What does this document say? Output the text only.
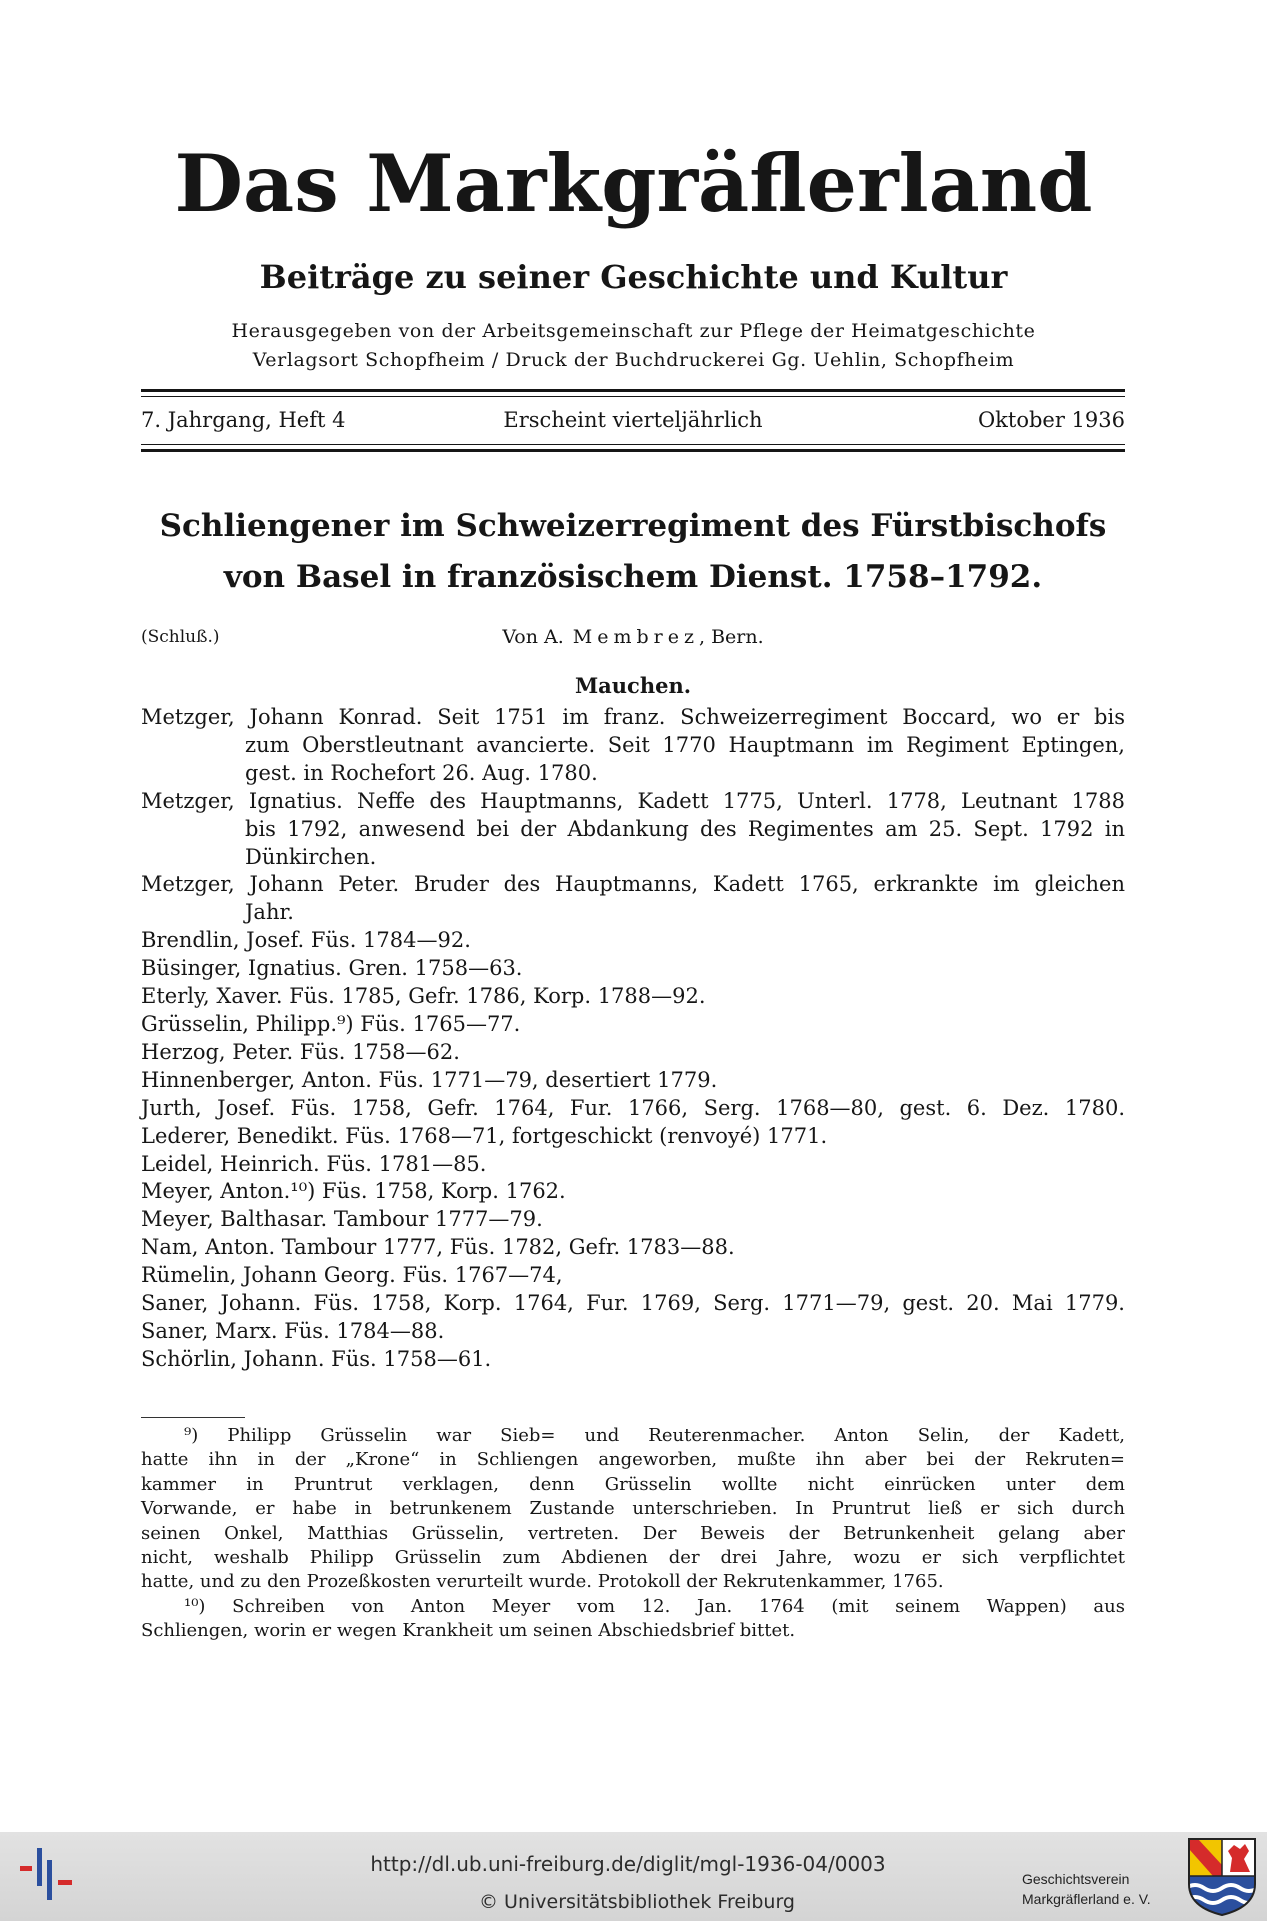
Das Markgräflerland
Beiträge zu seiner Geschichte und Kultur
Herausgegeben von der Arbeitsgemeinschaft zur Pflege der Heimatgeschichte
Verlagsort Schopfheim / Druck der Buchdruckerei Gg. Uehlin, Schopfheim
7. Jahrgang, Heft 4	Erscheint vierteljährlich	Oktober 1936
Schliengener im Schweizerregiment des Fürstbischofs
von Basel in französischem Dienst. 1758–1792.
(Schluß.)	Von A. Membrez, Bern.
Mauchen.
Metzger, Johann Konrad. Seit 1751 im franz. Schweizerregiment Boccard, wo er bis
zum Oberstleutnant avancierte. Seit 1770 Hauptmann im Regiment Eptingen,
gest. in Rochefort 26. Aug. 1780.
Metzger, Ignatius. Neffe des Hauptmanns, Kadett 1775, Unterl. 1778, Leutnant 1788
bis 1792, anwesend bei der Abdankung des Regimentes am 25. Sept. 1792 in
Dünkirchen.
Metzger, Johann Peter. Bruder des Hauptmanns, Kadett 1765, erkrankte im gleichen
Jahr.
Brendlin, Josef. Füs. 1784—92.
Büsinger, Ignatius. Gren. 1758—63.
Eterly, Xaver. Füs. 1785, Gefr. 1786, Korp. 1788—92.
Grüsselin, Philipp.⁹) Füs. 1765—77.
Herzog, Peter. Füs. 1758—62.
Hinnenberger, Anton. Füs. 1771—79, desertiert 1779.
Jurth, Josef. Füs. 1758, Gefr. 1764, Fur. 1766, Serg. 1768—80, gest. 6. Dez. 1780.
Lederer, Benedikt. Füs. 1768—71, fortgeschickt (renvoyé) 1771.
Leidel, Heinrich. Füs. 1781—85.
Meyer, Anton.¹⁰) Füs. 1758, Korp. 1762.
Meyer, Balthasar. Tambour 1777—79.
Nam, Anton. Tambour 1777, Füs. 1782, Gefr. 1783—88.
Rümelin, Johann Georg. Füs. 1767—74,
Saner, Johann. Füs. 1758, Korp. 1764, Fur. 1769, Serg. 1771—79, gest. 20. Mai 1779.
Saner, Marx. Füs. 1784—88.
Schörlin, Johann. Füs. 1758—61.
⁹) Philipp Grüsselin war Sieb= und Reuterenmacher. Anton Selin, der Kadett,
hatte ihn in der „Krone“ in Schliengen angeworben, mußte ihn aber bei der Rekruten=
kammer in Pruntrut verklagen, denn Grüsselin wollte nicht einrücken unter dem
Vorwande, er habe in betrunkenem Zustande unterschrieben. In Pruntrut ließ er sich durch
seinen Onkel, Matthias Grüsselin, vertreten. Der Beweis der Betrunkenheit gelang aber
nicht, weshalb Philipp Grüsselin zum Abdienen der drei Jahre, wozu er sich verpflichtet
hatte, und zu den Prozeßkosten verurteilt wurde. Protokoll der Rekrutenkammer, 1765.
¹⁰) Schreiben von Anton Meyer vom 12. Jan. 1764 (mit seinem Wappen) aus
Schliengen, worin er wegen Krankheit um seinen Abschiedsbrief bittet.
http://dl.ub.uni-freiburg.de/diglit/mgl-1936-04/0003
© Universitätsbibliothek Freiburg
Geschichtsverein
Markgräflerland e. V.
